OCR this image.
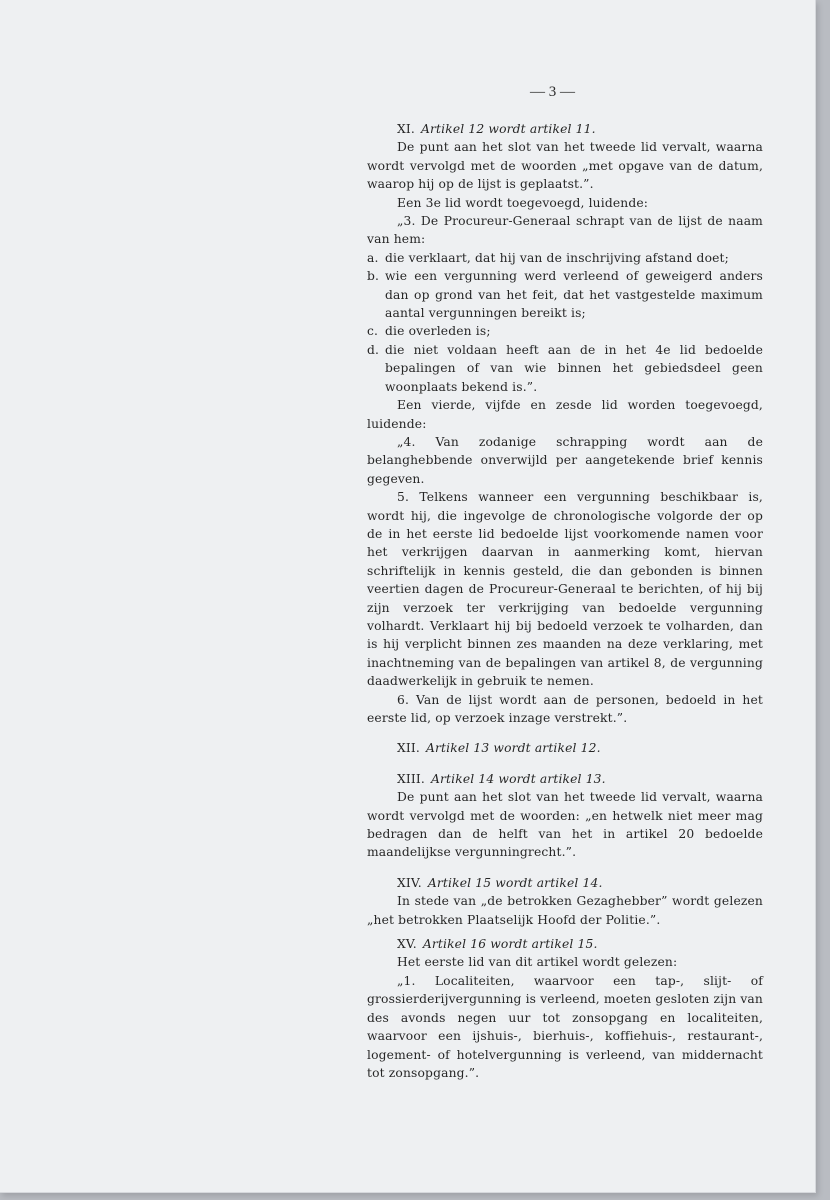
— 3 —
XI. Artikel 12 wordt artikel 11.

De punt aan het slot van het tweede lid vervalt, waarna wordt vervolgd met de woorden „met opgave van de datum, waarop hij op de lijst is geplaatst.”.

Een 3e lid wordt toegevoegd, luidende:

„3. De Procureur-Generaal schrapt van de lijst de naam van hem:

a. die verklaart, dat hij van de inschrijving afstand doet;
b. wie een vergunning werd verleend of geweigerd anders dan op grond van het feit, dat het vastgestelde maximum aantal vergunningen bereikt is;
c. die overleden is;
d. die niet voldaan heeft aan de in het 4e lid bedoelde bepalingen of van wie binnen het gebiedsdeel geen woonplaats bekend is.”.

Een vierde, vijfde en zesde lid worden toegevoegd, luidende:

„4. Van zodanige schrapping wordt aan de belanghebbende onverwijld per aangetekende brief kennis gegeven.

5. Telkens wanneer een vergunning beschikbaar is, wordt hij, die ingevolge de chronologische volgorde der op de in het eerste lid bedoelde lijst voorkomende namen voor het verkrijgen daarvan in aanmerking komt, hiervan schriftelijk in kennis gesteld, die dan gebonden is binnen veertien dagen de Procureur-Generaal te berichten, of hij bij zijn verzoek ter verkrijging van bedoelde vergunning volhardt. Verklaart hij bij bedoeld verzoek te volharden, dan is hij verplicht binnen zes maanden na deze verklaring, met inachtneming van de bepalingen van artikel 8, de vergunning daadwerkelijk in gebruik te nemen.

6. Van de lijst wordt aan de personen, bedoeld in het eerste lid, op verzoek inzage verstrekt.”.

XII. Artikel 13 wordt artikel 12.
XIII. Artikel 14 wordt artikel 13.

De punt aan het slot van het tweede lid vervalt, waarna wordt vervolgd met de woorden: „en hetwelk niet meer mag bedragen dan de helft van het in artikel 20 bedoelde maandelijkse vergunningrecht.”.

XIV. Artikel 15 wordt artikel 14.

In stede van „de betrokken Gezaghebber” wordt gelezen „het betrokken Plaatselijk Hoofd der Politie.”.

XV. Artikel 16 wordt artikel 15.

Het eerste lid van dit artikel wordt gelezen:

„1. Localiteiten, waarvoor een tap-, slijt- of grossierderijvergunning is verleend, moeten gesloten zijn van des avonds negen uur tot zonsopgang en localiteiten, waarvoor een ijshuis-, bierhuis-, koffiehuis-, restaurant-, logement- of hotelvergunning is verleend, van middernacht tot zonsopgang.”.
